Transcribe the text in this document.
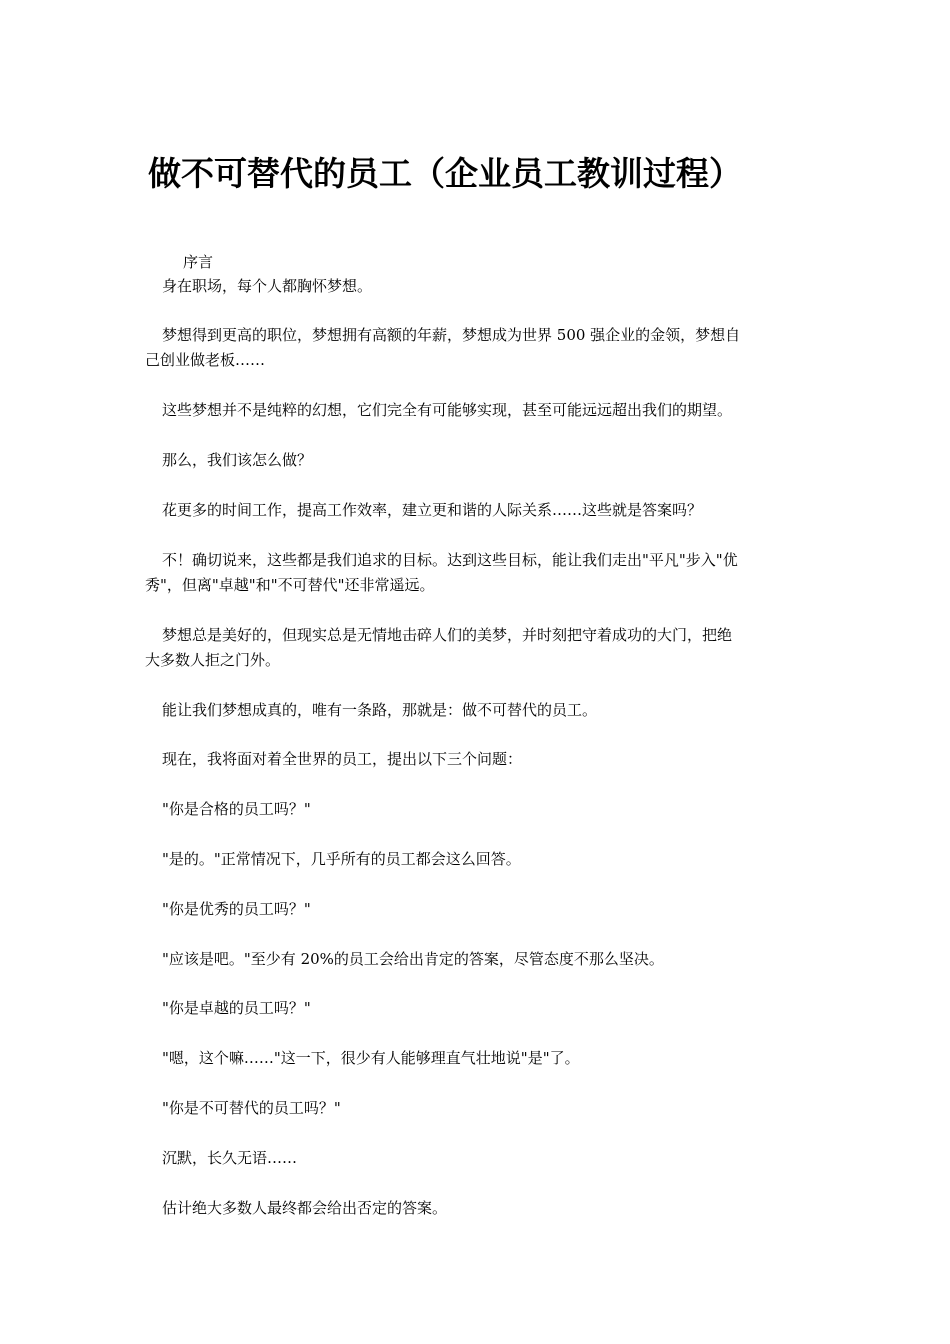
做不可替代的员工（企业员工教训过程）

序言

身在职场，每个人都胸怀梦想。

梦想得到更高的职位，梦想拥有高额的年薪，梦想成为世界 500 强企业的金领，梦想自

己创业做老板……

这些梦想并不是纯粹的幻想，它们完全有可能够实现，甚至可能远远超出我们的期望。

那么，我们该怎么做？

花更多的时间工作，提高工作效率，建立更和谐的人际关系……这些就是答案吗？

不！确切说来，这些都是我们追求的目标。达到这些目标，能让我们走出"平凡"步入"优

秀"，但离"卓越"和"不可替代"还非常遥远。

梦想总是美好的，但现实总是无情地击碎人们的美梦，并时刻把守着成功的大门，把绝

大多数人拒之门外。

能让我们梦想成真的，唯有一条路，那就是：做不可替代的员工。

现在，我将面对着全世界的员工，提出以下三个问题：

"你是合格的员工吗？"

"是的。"正常情况下，几乎所有的员工都会这么回答。

"你是优秀的员工吗？"

"应该是吧。"至少有 20%的员工会给出肯定的答案，尽管态度不那么坚决。

"你是卓越的员工吗？"

"嗯，这个嘛……"这一下，很少有人能够理直气壮地说"是"了。

"你是不可替代的员工吗？"

沉默，长久无语……

估计绝大多数人最终都会给出否定的答案。
